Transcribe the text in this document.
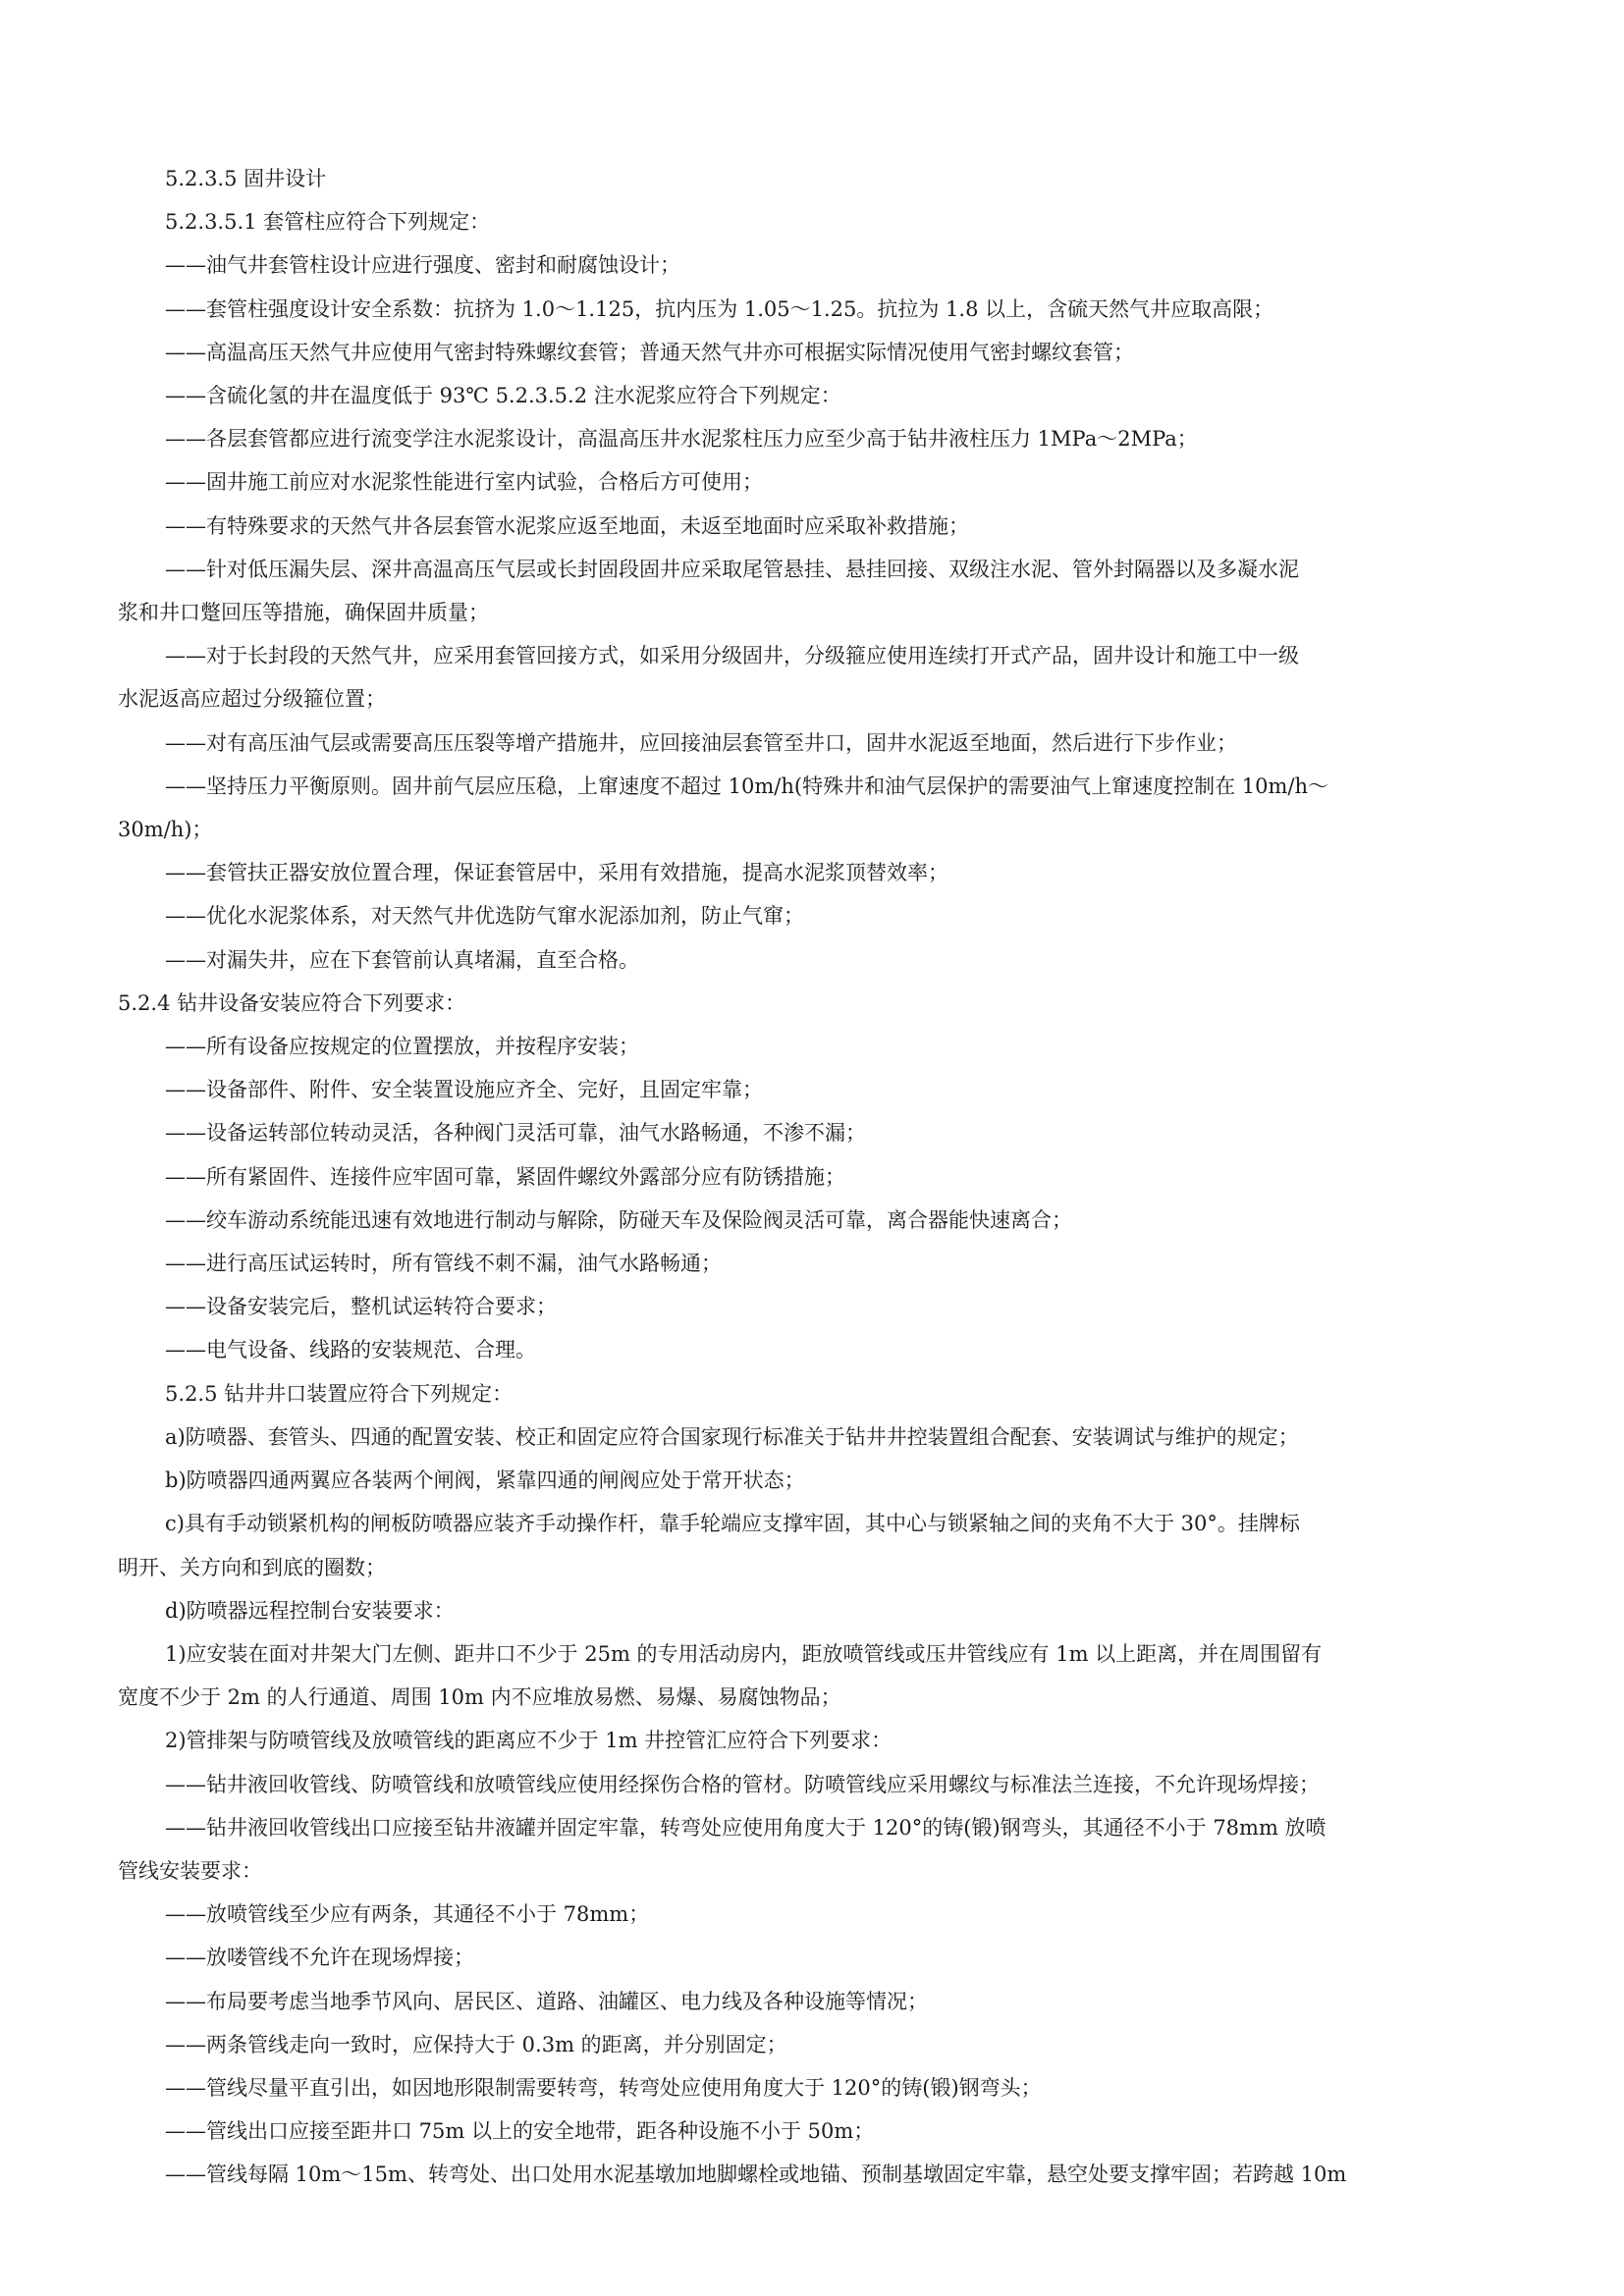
5.2.3.5 固井设计
5.2.3.5.1 套管柱应符合下列规定：
——油气井套管柱设计应进行强度、密封和耐腐蚀设计；
——套管柱强度设计安全系数：抗挤为 1.0～1.125，抗内压为 1.05～1.25。抗拉为 1.8 以上，含硫天然气井应取高限；
——高温高压天然气井应使用气密封特殊螺纹套管；普通天然气井亦可根据实际情况使用气密封螺纹套管；
——含硫化氢的井在温度低于 93℃ 5.2.3.5.2 注水泥浆应符合下列规定：
——各层套管都应进行流变学注水泥浆设计，高温高压井水泥浆柱压力应至少高于钻井液柱压力 1MPa～2MPa；
——固井施工前应对水泥浆性能进行室内试验，合格后方可使用；
——有特殊要求的天然气井各层套管水泥浆应返至地面，未返至地面时应采取补救措施；
——针对低压漏失层、深井高温高压气层或长封固段固井应采取尾管悬挂、悬挂回接、双级注水泥、管外封隔器以及多凝水泥
浆和井口蹩回压等措施，确保固井质量；
——对于长封段的天然气井，应采用套管回接方式，如采用分级固井，分级箍应使用连续打开式产品，固井设计和施工中一级
水泥返高应超过分级箍位置；
——对有高压油气层或需要高压压裂等增产措施井，应回接油层套管至井口，固井水泥返至地面，然后进行下步作业；
——坚持压力平衡原则。固井前气层应压稳，上窜速度不超过 10m/h(特殊井和油气层保护的需要油气上窜速度控制在 10m/h～
30m/h)；
——套管扶正器安放位置合理，保证套管居中，采用有效措施，提高水泥浆顶替效率；
——优化水泥浆体系，对天然气井优选防气窜水泥添加剂，防止气窜；
——对漏失井，应在下套管前认真堵漏，直至合格。
5.2.4 钻井设备安装应符合下列要求：
——所有设备应按规定的位置摆放，并按程序安装；
——设备部件、附件、安全装置设施应齐全、完好，且固定牢靠；
——设备运转部位转动灵活，各种阀门灵活可靠，油气水路畅通，不渗不漏；
——所有紧固件、连接件应牢固可靠，紧固件螺纹外露部分应有防锈措施；
——绞车游动系统能迅速有效地进行制动与解除，防碰天车及保险阀灵活可靠，离合器能快速离合；
——进行高压试运转时，所有管线不刺不漏，油气水路畅通；
——设备安装完后，整机试运转符合要求；
——电气设备、线路的安装规范、合理。
5.2.5 钻井井口装置应符合下列规定：
a)防喷器、套管头、四通的配置安装、校正和固定应符合国家现行标准关于钻井井控装置组合配套、安装调试与维护的规定；
b)防喷器四通两翼应各装两个闸阀，紧靠四通的闸阀应处于常开状态；
c)具有手动锁紧机构的闸板防喷器应装齐手动操作杆，靠手轮端应支撑牢固，其中心与锁紧轴之间的夹角不大于 30°。挂牌标
明开、关方向和到底的圈数；
d)防喷器远程控制台安装要求：
1)应安装在面对井架大门左侧、距井口不少于 25m 的专用活动房内，距放喷管线或压井管线应有 1m 以上距离，并在周围留有
宽度不少于 2m 的人行通道、周围 10m 内不应堆放易燃、易爆、易腐蚀物品；
2)管排架与防喷管线及放喷管线的距离应不少于 1m 井控管汇应符合下列要求：
——钻井液回收管线、防喷管线和放喷管线应使用经探伤合格的管材。防喷管线应采用螺纹与标准法兰连接，不允许现场焊接；
——钻井液回收管线出口应接至钻井液罐并固定牢靠，转弯处应使用角度大于 120°的铸(锻)钢弯头，其通径不小于 78mm 放喷
管线安装要求：
——放喷管线至少应有两条，其通径不小于 78mm；
——放喽管线不允许在现场焊接；
——布局要考虑当地季节风向、居民区、道路、油罐区、电力线及各种设施等情况；
——两条管线走向一致时，应保持大于 0.3m 的距离，并分别固定；
——管线尽量平直引出，如因地形限制需要转弯，转弯处应使用角度大于 120°的铸(锻)钢弯头；
——管线出口应接至距井口 75m 以上的安全地带，距各种设施不小于 50m；
——管线每隔 10m～15m、转弯处、出口处用水泥基墩加地脚螺栓或地锚、预制基墩固定牢靠，悬空处要支撑牢固；若跨越 10m
